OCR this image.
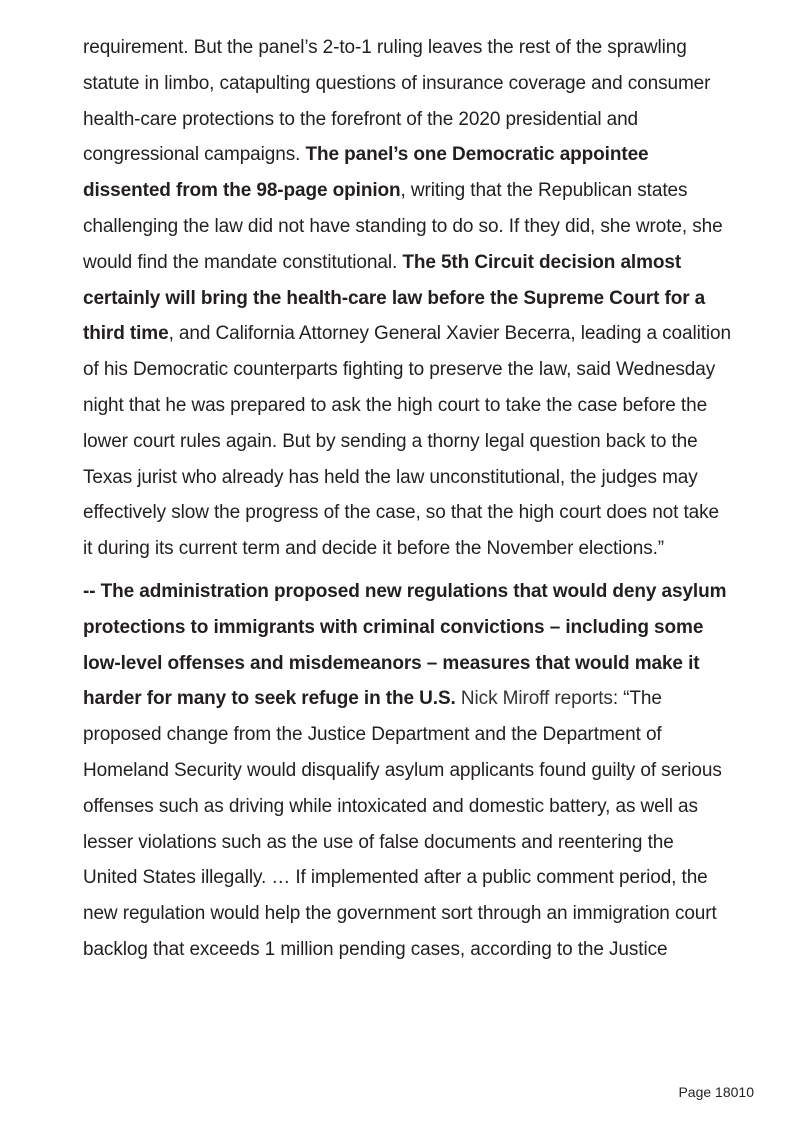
requirement. But the panel’s 2-to-1 ruling leaves the rest of the sprawling statute in limbo, catapulting questions of insurance coverage and consumer health-care protections to the forefront of the 2020 presidential and congressional campaigns. The panel’s one Democratic appointee dissented from the 98-page opinion, writing that the Republican states challenging the law did not have standing to do so. If they did, she wrote, she would find the mandate constitutional. The 5th Circuit decision almost certainly will bring the health-care law before the Supreme Court for a third time, and California Attorney General Xavier Becerra, leading a coalition of his Democratic counterparts fighting to preserve the law, said Wednesday night that he was prepared to ask the high court to take the case before the lower court rules again. But by sending a thorny legal question back to the Texas jurist who already has held the law unconstitutional, the judges may effectively slow the progress of the case, so that the high court does not take it during its current term and decide it before the November elections.”

-- The administration proposed new regulations that would deny asylum protections to immigrants with criminal convictions – including some low-level offenses and misdemeanors – measures that would make it harder for many to seek refuge in the U.S. Nick Miroff reports: “The proposed change from the Justice Department and the Department of Homeland Security would disqualify asylum applicants found guilty of serious offenses such as driving while intoxicated and domestic battery, as well as lesser violations such as the use of false documents and reentering the United States illegally. … If implemented after a public comment period, the new regulation would help the government sort through an immigration court backlog that exceeds 1 million pending cases, according to the Justice

Page 18010
